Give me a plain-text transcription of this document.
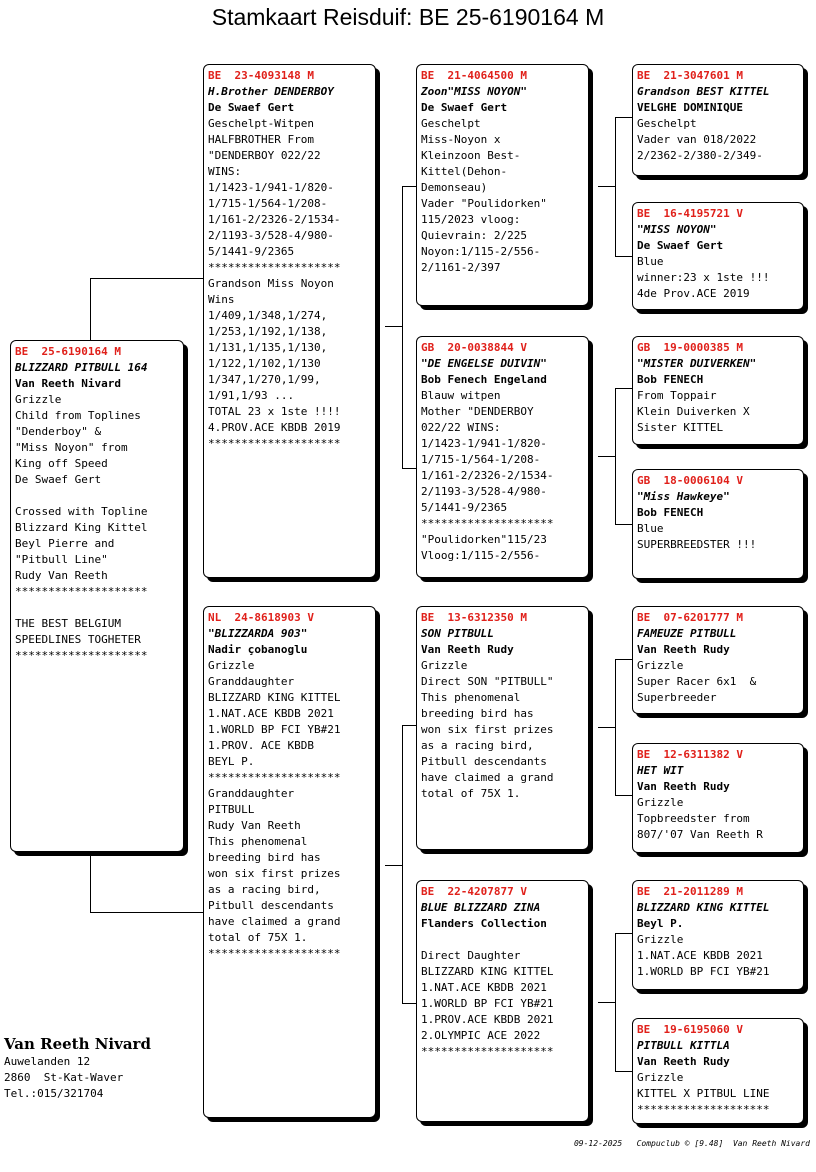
Stamkaart Reisduif: BE 25-6190164 M
BE  25-6190164 M
BLIZZARD PITBULL 164
Van Reeth Nivard
Grizzle
Child from Toplines
"Denderboy" &
"Miss Noyon" from
King off Speed
De Swaef Gert

Crossed with Topline
Blizzard King Kittel
Beyl Pierre and
"Pitbull Line"
Rudy Van Reeth
********************

THE BEST BELGIUM
SPEEDLINES TOGHETER
********************
BE  23-4093148 M
H.Brother DENDERBOY
De Swaef Gert
Geschelpt-Witpen
HALFBROTHER From
"DENDERBOY 022/22
WINS:
1/1423-1/941-1/820-
1/715-1/564-1/208-
1/161-2/2326-2/1534-
2/1193-3/528-4/980-
5/1441-9/2365
********************
Grandson Miss Noyon
Wins
1/409,1/348,1/274,
1/253,1/192,1/138,
1/131,1/135,1/130,
1/122,1/102,1/130
1/347,1/270,1/99,
1/91,1/93 ...
TOTAL 23 x 1ste !!!!
4.PROV.ACE KBDB 2019
********************
NL  24-8618903 V
"BLIZZARDA 903"
Nadir çobanoglu
Grizzle
Granddaughter
BLIZZARD KING KITTEL
1.NAT.ACE KBDB 2021
1.WORLD BP FCI YB#21
1.PROV. ACE KBDB
BEYL P.
********************
Granddaughter
PITBULL
Rudy Van Reeth
This phenomenal
breeding bird has
won six first prizes
as a racing bird,
Pitbull descendants
have claimed a grand
total of 75X 1.
********************
BE  21-4064500 M
Zoon"MISS NOYON"
De Swaef Gert
Geschelpt
Miss-Noyon x
Kleinzoon Best-
Kittel(Dehon-
Demonseau)
Vader "Poulidorken"
115/2023 vloog:
Quievrain: 2/225
Noyon:1/115-2/556-
2/1161-2/397
GB  20-0038844 V
"DE ENGELSE DUIVIN"
Bob Fenech Engeland
Blauw witpen
Mother "DENDERBOY
022/22 WINS:
1/1423-1/941-1/820-
1/715-1/564-1/208-
1/161-2/2326-2/1534-
2/1193-3/528-4/980-
5/1441-9/2365
********************
"Poulidorken"115/23
Vloog:1/115-2/556-
BE  13-6312350 M
SON PITBULL
Van Reeth Rudy
Grizzle
Direct SON "PITBULL"
This phenomenal
breeding bird has
won six first prizes
as a racing bird,
Pitbull descendants
have claimed a grand
total of 75X 1.
BE  22-4207877 V
BLUE BLIZZARD ZINA
Flanders Collection

Direct Daughter
BLIZZARD KING KITTEL
1.NAT.ACE KBDB 2021
1.WORLD BP FCI YB#21
1.PROV.ACE KBDB 2021
2.OLYMPIC ACE 2022
********************
BE  21-3047601 M
Grandson BEST KITTEL
VELGHE DOMINIQUE
Geschelpt
Vader van 018/2022
2/2362-2/380-2/349-
BE  16-4195721 V
"MISS NOYON"
De Swaef Gert
Blue
winner:23 x 1ste !!!
4de Prov.ACE 2019
GB  19-0000385 M
"MISTER DUIVERKEN"
Bob FENECH
From Toppair
Klein Duiverken X
Sister KITTEL
GB  18-0006104 V
"Miss Hawkeye"
Bob FENECH
Blue
SUPERBREEDSTER !!!
BE  07-6201777 M
FAMEUZE PITBULL
Van Reeth Rudy
Grizzle
Super Racer 6x1  &
Superbreeder
BE  12-6311382 V
HET WIT
Van Reeth Rudy
Grizzle
Topbreedster from
807/'07 Van Reeth R
BE  21-2011289 M
BLIZZARD KING KITTEL
Beyl P.
Grizzle
1.NAT.ACE KBDB 2021
1.WORLD BP FCI YB#21
BE  19-6195060 V
PITBULL KITTLA
Van Reeth Rudy
Grizzle
KITTEL X PITBUL LINE
********************
Van Reeth Nivard
Auwelanden 12
2860  St-Kat-Waver
Tel.:015/321704
09-12-2025   Compuclub © [9.48]  Van Reeth Nivard
